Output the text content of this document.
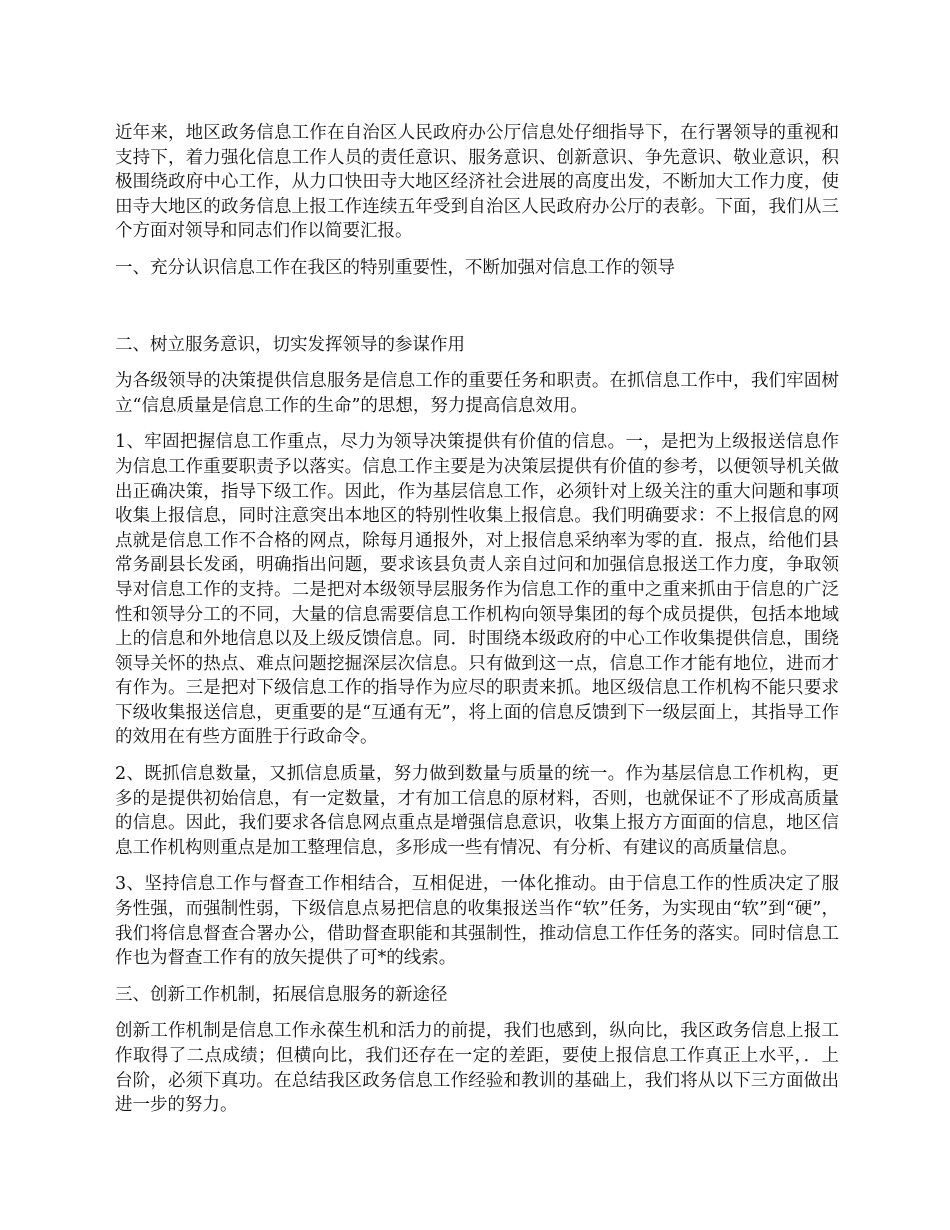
近年来，地区政务信息工作在自治区人民政府办公厅信息处仔细指导下，在行署领导的重视和支持下，着力强化信息工作人员的责任意识、服务意识、创新意识、争先意识、敬业意识，积极围绕政府中心工作，从力口快田寺大地区经济社会进展的高度出发，不断加大工作力度，使田寺大地区的政务信息上报工作连续五年受到自治区人民政府办公厅的表彰。下面，我们从三个方面对领导和同志们作以简要汇报。

一、充分认识信息工作在我区的特别重要性，不断加强对信息工作的领导

二、树立服务意识，切实发挥领导的参谋作用

为各级领导的决策提供信息服务是信息工作的重要任务和职责。在抓信息工作中，我们牢固树立“信息质量是信息工作的生命”的思想，努力提高信息效用。

1、牢固把握信息工作重点，尽力为领导决策提供有价值的信息。一，是把为上级报送信息作为信息工作重要职责予以落实。信息工作主要是为决策层提供有价值的参考，以便领导机关做出正确决策，指导下级工作。因此，作为基层信息工作，必须针对上级关注的重大问题和事项收集上报信息，同时注意突出本地区的特别性收集上报信息。我们明确要求：不上报信息的网点就是信息工作不合格的网点，除每月通报外，对上报信息采纳率为零的直．报点，给他们县常务副县长发函，明确指出问题，要求该县负责人亲自过问和加强信息报送工作力度，争取领导对信息工作的支持。二是把对本级领导层服务作为信息工作的重中之重来抓由于信息的广泛性和领导分工的不同，大量的信息需要信息工作机构向领导集团的每个成员提供，包括本地域上的信息和外地信息以及上级反馈信息。同．时围绕本级政府的中心工作收集提供信息，围绕领导关怀的热点、难点问题挖掘深层次信息。只有做到这一点，信息工作才能有地位，进而才有作为。三是把对下级信息工作的指导作为应尽的职责来抓。地区级信息工作机构不能只要求下级收集报送信息，更重要的是“互通有无”，将上面的信息反馈到下一级层面上，其指导工作的效用在有些方面胜于行政命令。

2、既抓信息数量，又抓信息质量，努力做到数量与质量的统一。作为基层信息工作机构，更多的是提供初始信息，有一定数量，才有加工信息的原材料，否则，也就保证不了形成高质量的信息。因此，我们要求各信息网点重点是增强信息意识，收集上报方方面面的信息，地区信息工作机构则重点是加工整理信息，多形成一些有情况、有分析、有建议的高质量信息。

3、坚持信息工作与督查工作相结合，互相促进，一体化推动。由于信息工作的性质决定了服务性强，而强制性弱，下级信息点易把信息的收集报送当作“软”任务，为实现由“软”到“硬”，我们将信息督查合署办公，借助督查职能和其强制性，推动信息工作任务的落实。同时信息工作也为督查工作有的放矢提供了可*的线索。

三、创新工作机制，拓展信息服务的新途径

创新工作机制是信息工作永葆生机和活力的前提，我们也感到，纵向比，我区政务信息上报工作取得了二点成绩；但横向比，我们还存在一定的差距，要使上报信息工作真正上水平，．上台阶，必须下真功。在总结我区政务信息工作经验和教训的基础上，我们将从以下三方面做出进一步的努力。
